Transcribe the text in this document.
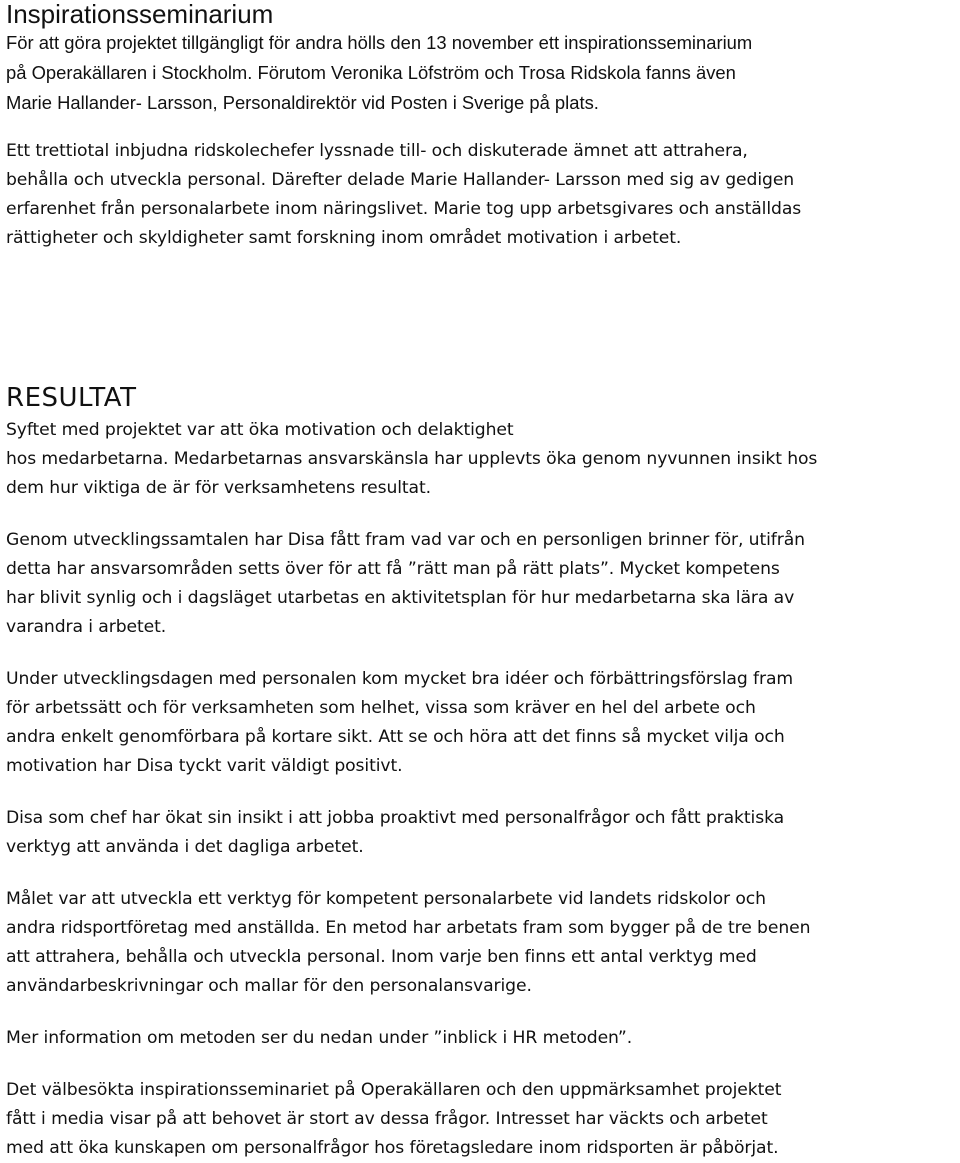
Inspirationsseminarium
För att göra projektet tillgängligt för andra hölls den 13 november ett inspirationsseminarium
på Operakällaren i Stockholm. Förutom Veronika Löfström och Trosa Ridskola fanns även
Marie Hallander- Larsson, Personaldirektör vid Posten i Sverige på plats.
Ett trettiotal inbjudna ridskolechefer lyssnade till- och diskuterade ämnet att attrahera,
behålla och utveckla personal. Därefter delade Marie Hallander- Larsson med sig av gedigen
erfarenhet från personalarbete inom näringslivet. Marie tog upp arbetsgivares och anställdas
rättigheter och skyldigheter samt forskning inom området motivation i arbetet.
RESULTAT
Syftet med projektet var att öka motivation och delaktighet
hos medarbetarna. Medarbetarnas ansvarskänsla har upplevts öka genom nyvunnen insikt hos
dem hur viktiga de är för verksamhetens resultat.
Genom utvecklingssamtalen har Disa fått fram vad var och en personligen brinner för, utifrån
detta har ansvarsområden setts över för att få ”rätt man på rätt plats”. Mycket kompetens
har blivit synlig och i dagsläget utarbetas en aktivitetsplan för hur medarbetarna ska lära av
varandra i arbetet.
Under utvecklingsdagen med personalen kom mycket bra idéer och förbättringsförslag fram
för arbetssätt och för verksamheten som helhet, vissa som kräver en hel del arbete och
andra enkelt genomförbara på kortare sikt. Att se och höra att det finns så mycket vilja och
motivation har Disa tyckt varit väldigt positivt.
Disa som chef har ökat sin insikt i att jobba proaktivt med personalfrågor och fått praktiska
verktyg att använda i det dagliga arbetet.
Målet var att utveckla ett verktyg för kompetent personalarbete vid landets ridskolor och
andra ridsportföretag med anställda. En metod har arbetats fram som bygger på de tre benen
att attrahera, behålla och utveckla personal. Inom varje ben finns ett antal verktyg med
användarbeskrivningar och mallar för den personalansvarige.
Mer information om metoden ser du nedan under ”inblick i HR metoden”.
Det välbesökta inspirationsseminariet på Operakällaren och den uppmärksamhet projektet
fått i media visar på att behovet är stort av dessa frågor. Intresset har väckts och arbetet
med att öka kunskapen om personalfrågor hos företagsledare inom ridsporten är påbörjat.
